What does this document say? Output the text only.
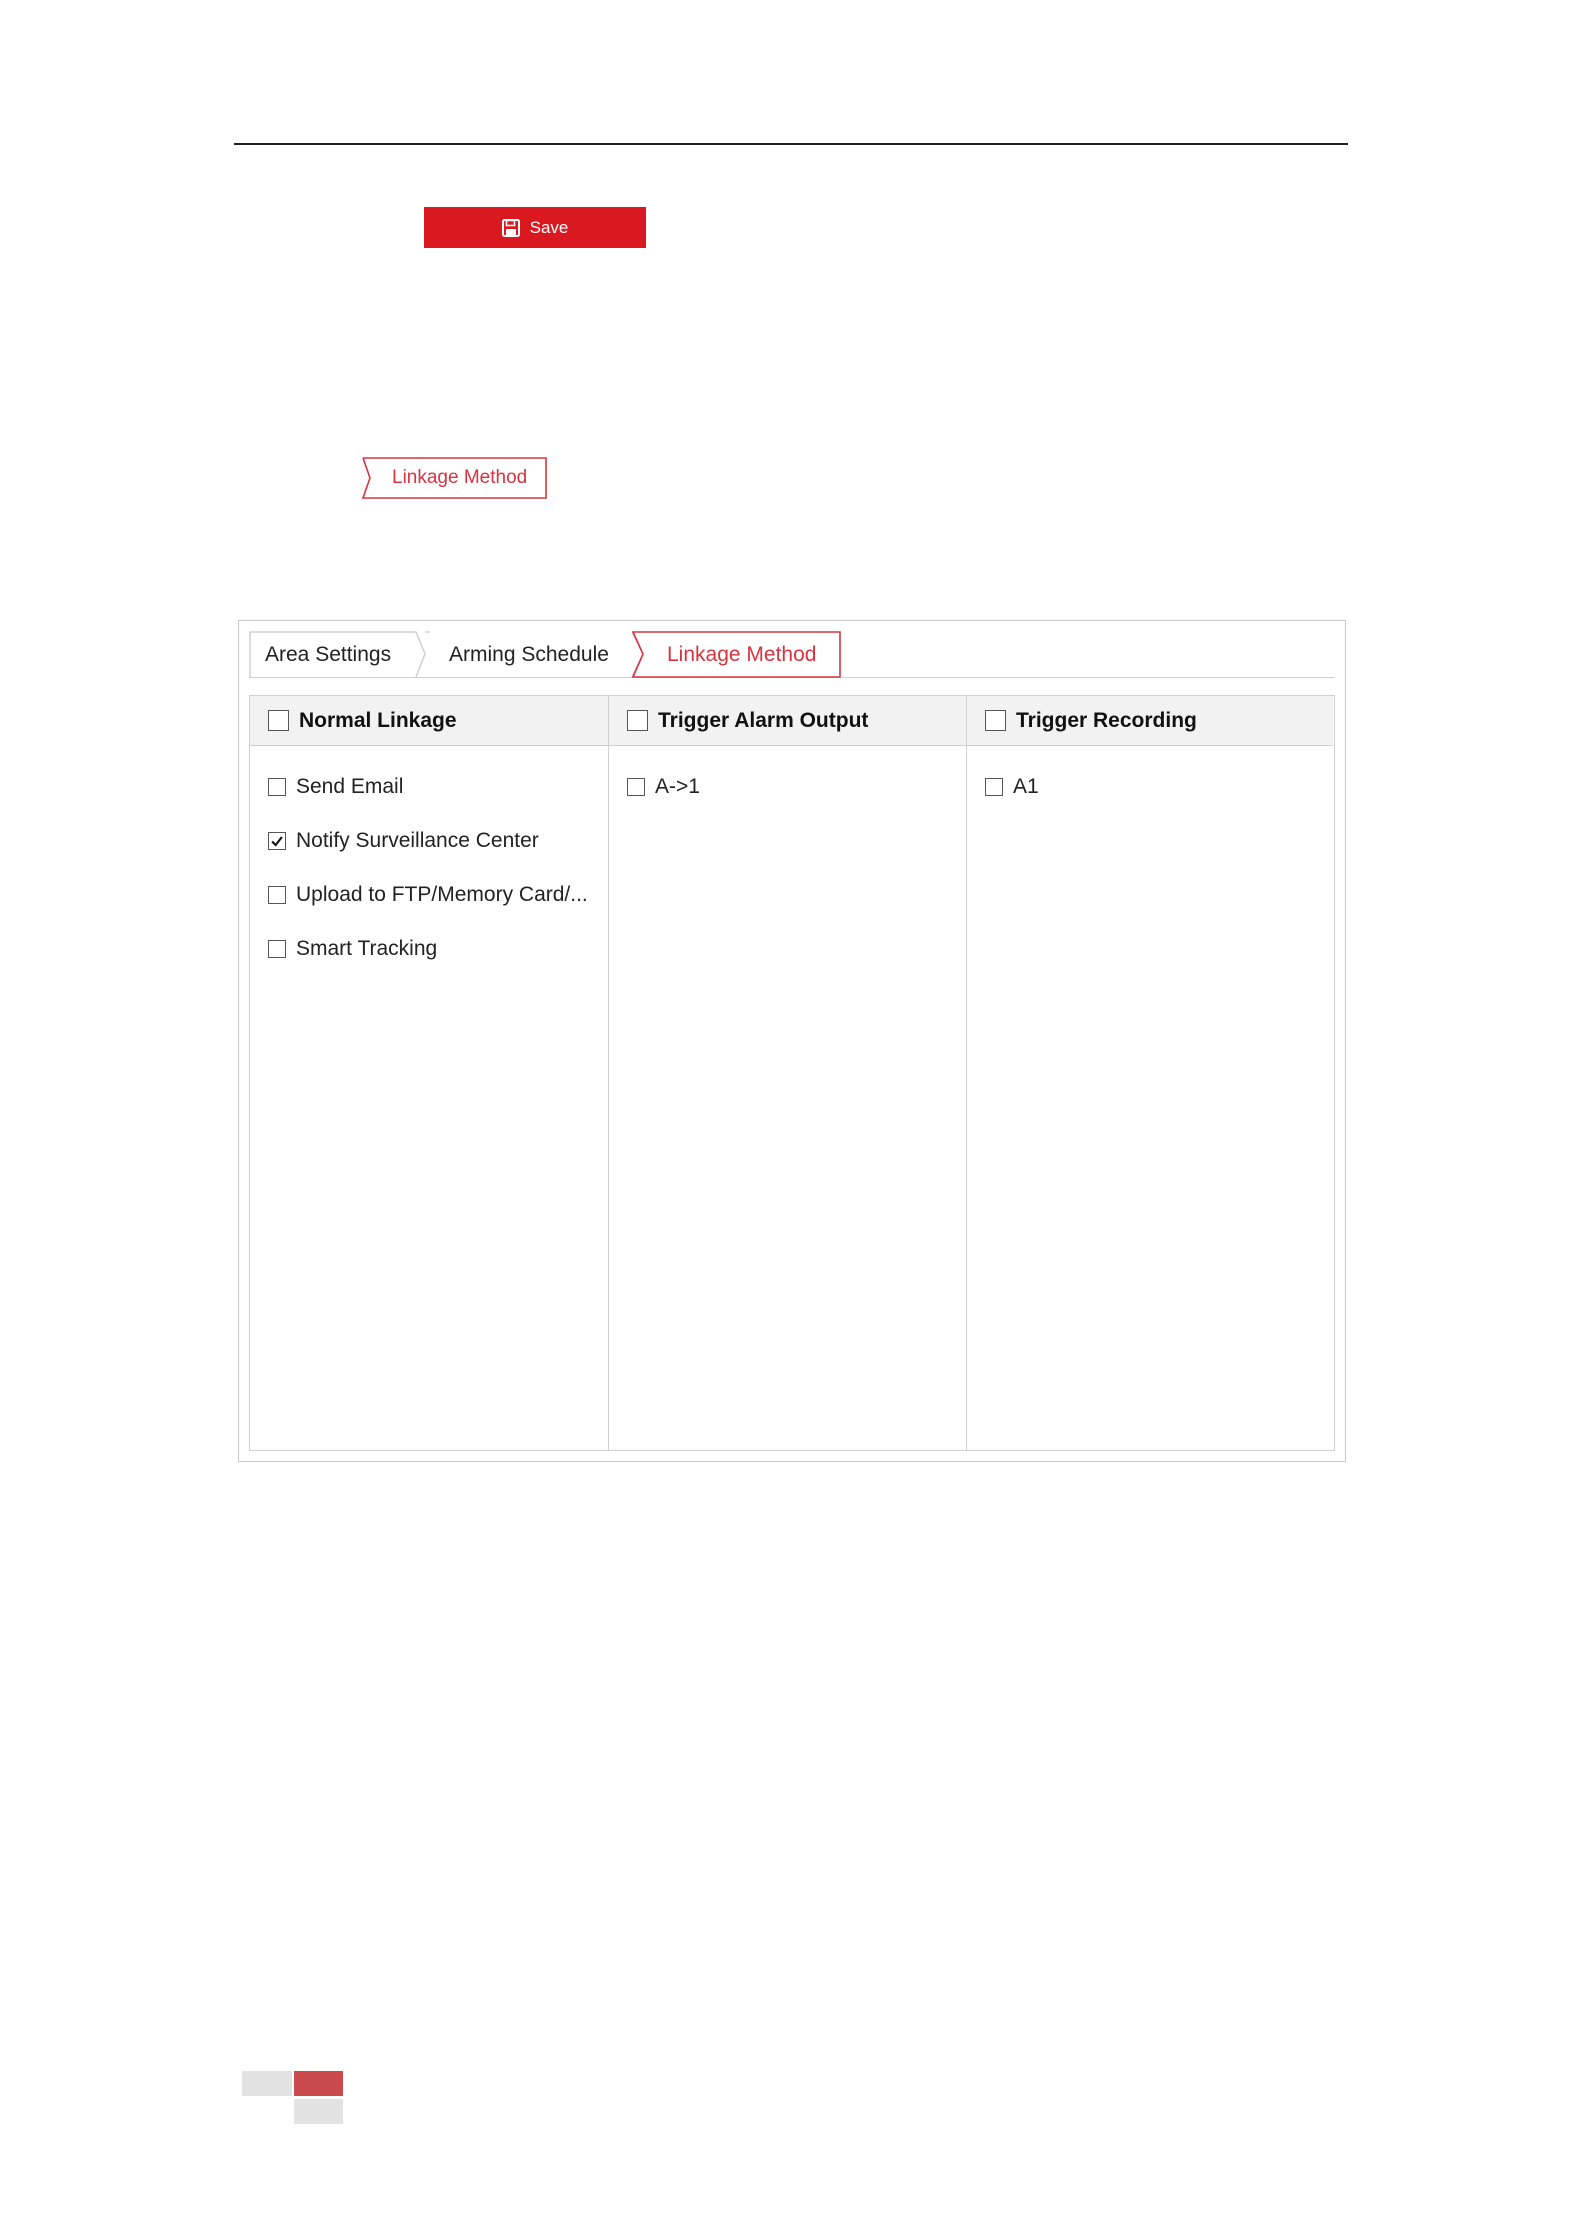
Save
Linkage Method
Area Settings	Arming Schedule	Linkage Method
Normal Linkage
Send Email
Notify Surveillance Center
Upload to FTP/Memory Card/...
Smart Tracking
Trigger Alarm Output
A->1
Trigger Recording
A1
